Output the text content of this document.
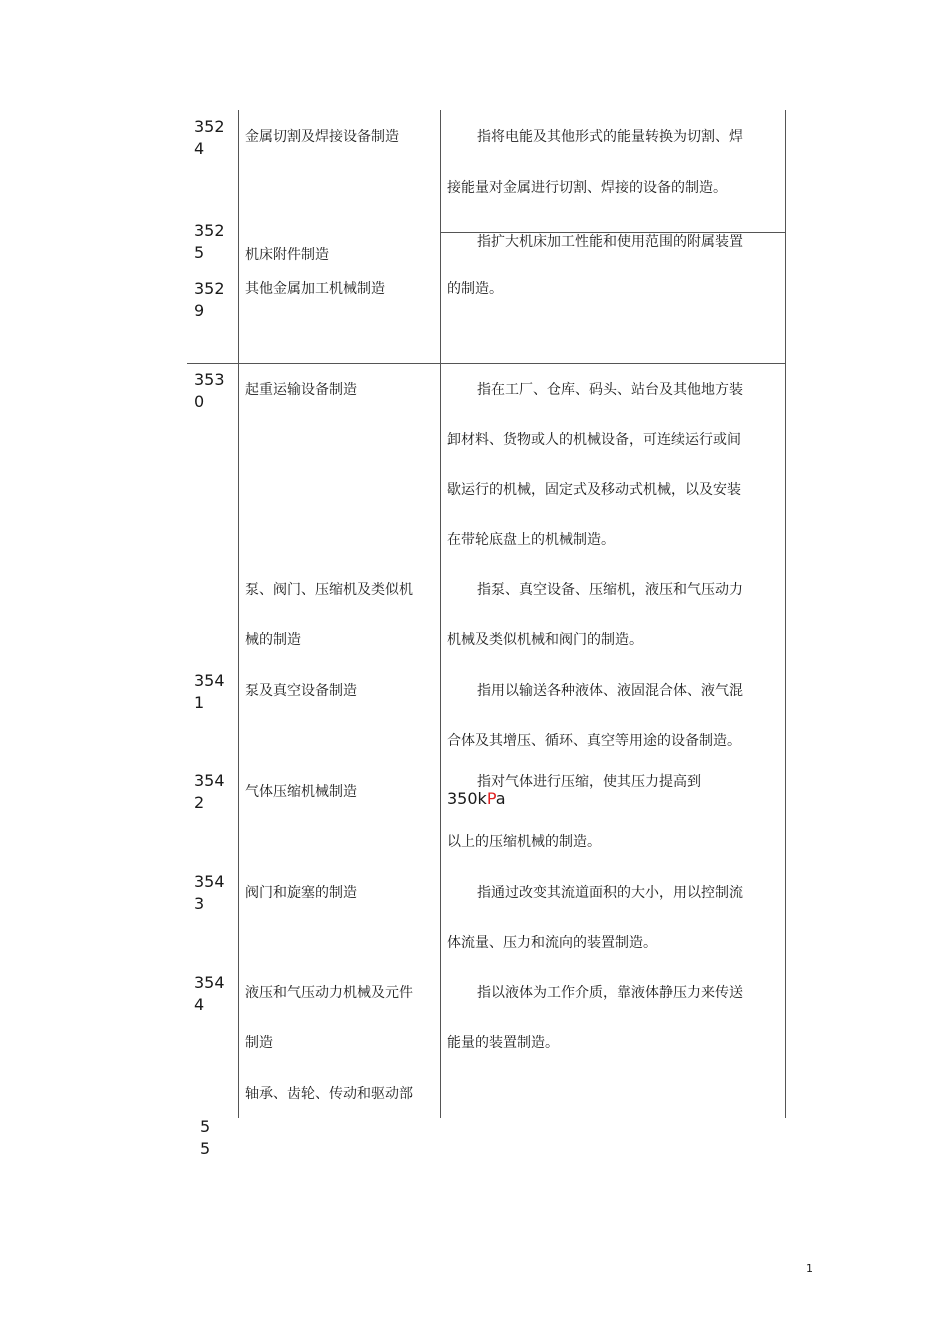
352
4
352
5
352
9
353
0
354
1
354
2
354
3
354
4
5
5
金属切割及焊接设备制造
机床附件制造
其他金属加工机械制造
起重运输设备制造
泵、阀门、压缩机及类似机
械的制造
泵及真空设备制造
气体压缩机械制造
阀门和旋塞的制造
液压和气压动力机械及元件
制造
轴承、齿轮、传动和驱动部
指将电能及其他形式的能量转换为切割、焊
接能量对金属进行切割、焊接的设备的制造。
指扩大机床加工性能和使用范围的附属装置
的制造。
指在工厂、仓库、码头、站台及其他地方装
卸材料、货物或人的机械设备，可连续运行或间
歇运行的机械，固定式及移动式机械，以及安装
在带轮底盘上的机械制造。
指泵、真空设备、压缩机，液压和气压动力
机械及类似机械和阀门的制造。
指用以输送各种液体、液固混合体、液气混
合体及其增压、循环、真空等用途的设备制造。
指对气体进行压缩，使其压力提高到
350kPa
以上的压缩机械的制造。
指通过改变其流道面积的大小，用以控制流
体流量、压力和流向的装置制造。
指以液体为工作介质，靠液体静压力来传送
能量的装置制造。
1
